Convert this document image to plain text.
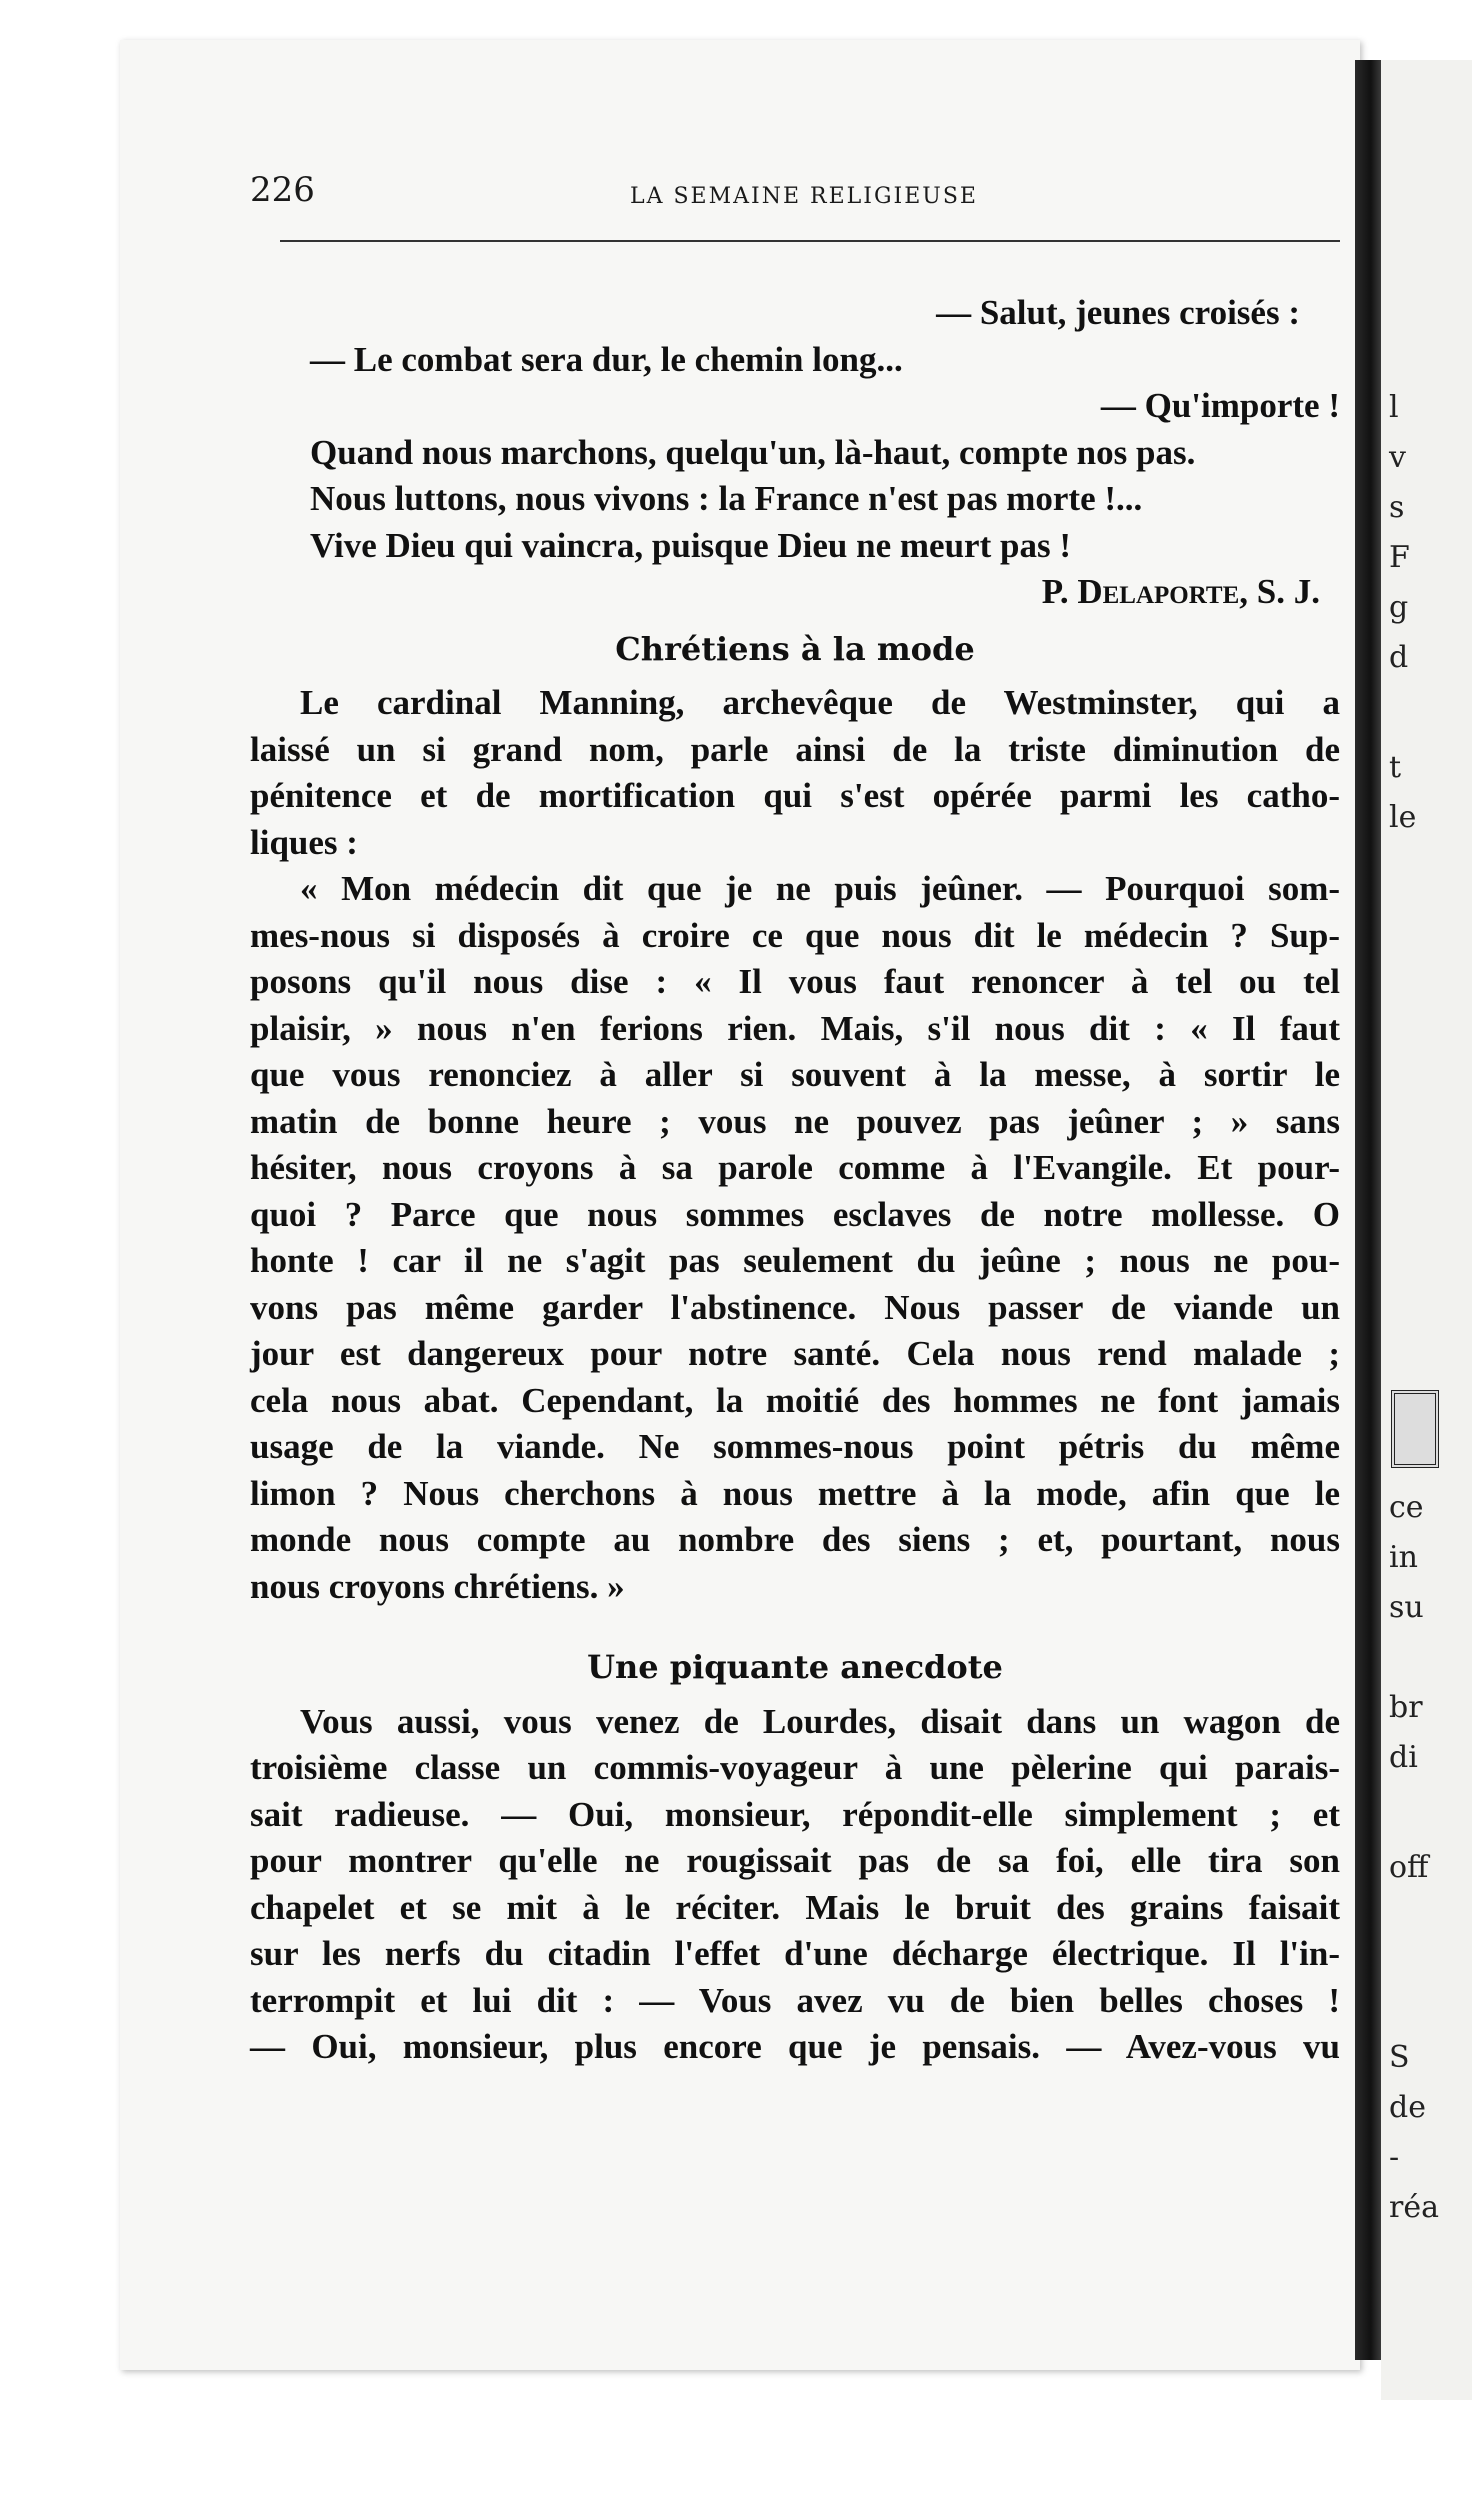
l
v
s
F
g
d
t
le
ce
in
su
br
di
off
S
de
-
réa
226	LA SEMAINE RELIGIEUSE
— Salut, jeunes croisés :
— Le combat sera dur, le chemin long...
— Qu'importe !
Quand nous marchons, quelqu'un, là-haut, compte nos pas.
Nous luttons, nous vivons : la France n'est pas morte !...
Vive Dieu qui vaincra, puisque Dieu ne meurt pas !
P. Delaporte, S. J.
Chrétiens à la mode
Le cardinal Manning, archevêque de Westminster, qui a
laissé un si grand nom, parle ainsi de la triste diminution de
pénitence et de mortification qui s'est opérée parmi les catho-
liques :
« Mon médecin dit que je ne puis jeûner. — Pourquoi som-
mes-nous si disposés à croire ce que nous dit le médecin ? Sup-
posons qu'il nous dise : « Il vous faut renoncer à tel ou tel
plaisir, » nous n'en ferions rien. Mais, s'il nous dit : « Il faut
que vous renonciez à aller si souvent à la messe, à sortir le
matin de bonne heure ; vous ne pouvez pas jeûner ; » sans
hésiter, nous croyons à sa parole comme à l'Evangile. Et pour-
quoi ? Parce que nous sommes esclaves de notre mollesse. O
honte ! car il ne s'agit pas seulement du jeûne ; nous ne pou-
vons pas même garder l'abstinence. Nous passer de viande un
jour est dangereux pour notre santé. Cela nous rend malade ;
cela nous abat. Cependant, la moitié des hommes ne font jamais
usage de la viande. Ne sommes-nous point pétris du même
limon ? Nous cherchons à nous mettre à la mode, afin que le
monde nous compte au nombre des siens ; et, pourtant, nous
nous croyons chrétiens. »
Une piquante anecdote
Vous aussi, vous venez de Lourdes, disait dans un wagon de
troisième classe un commis-voyageur à une pèlerine qui parais-
sait radieuse. — Oui, monsieur, répondit-elle simplement ; et
pour montrer qu'elle ne rougissait pas de sa foi, elle tira son
chapelet et se mit à le réciter. Mais le bruit des grains faisait
sur les nerfs du citadin l'effet d'une décharge électrique. Il l'in-
terrompit et lui dit : — Vous avez vu de bien belles choses !
— Oui, monsieur, plus encore que je pensais. — Avez-vous vu
